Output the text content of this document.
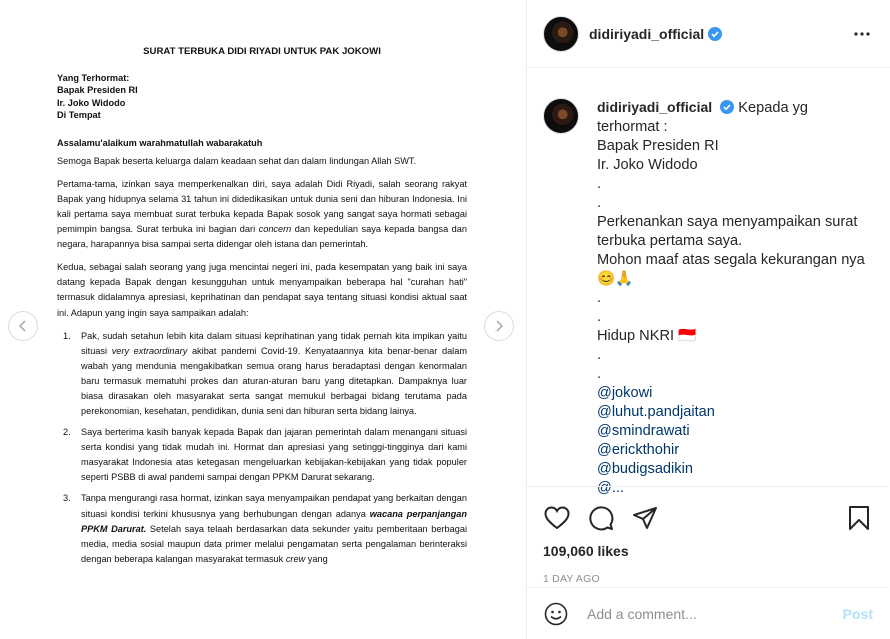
SURAT TERBUKA DIDI RIYADI UNTUK PAK JOKOWI
Yang Terhormat:
Bapak Presiden RI
Ir. Joko Widodo
Di Tempat
Assalamu'alaikum warahmatullah wabarakatuh
Semoga Bapak beserta keluarga dalam keadaan sehat dan dalam lindungan Allah SWT.
Pertama-tama, izinkan saya memperkenalkan diri, saya adalah Didi Riyadi, salah seorang rakyat Bapak yang hidupnya selama 31 tahun ini didedikasikan untuk dunia seni dan hiburan Indonesia. Ini kali pertama saya membuat surat terbuka kepada Bapak sosok yang sangat saya hormati sebagai pemimpin bangsa. Surat terbuka ini bagian dari concern dan kepedulian saya kepada bangsa dan negara, harapannya bisa sampai serta didengar oleh istana dan pemerintah.
Kedua, sebagai salah seorang yang juga mencintai negeri ini, pada kesempatan yang baik ini saya datang kepada Bapak dengan kesungguhan untuk menyampaikan beberapa hal "curahan hati" termasuk didalamnya apresiasi, keprihatinan dan pendapat saya tentang situasi kondisi aktual saat ini. Adapun yang ingin saya sampaikan adalah:
1. Pak, sudah setahun lebih kita dalam situasi keprihatinan yang tidak pernah kita impikan yaitu situasi very extraordinary akibat pandemi Covid-19. Kenyataannya kita benar-benar dalam wabah yang mendunia mengakibatkan semua orang harus beradaptasi dengan kenormalan baru termasuk mematuhi prokes dan aturan-aturan baru yang ditetapkan. Dampaknya luar biasa dirasakan oleh masyarakat serta sangat memukul berbagai bidang terutama pada perekonomian, kesehatan, pendidikan, dunia seni dan hiburan serta bidang lainya.
2. Saya berterima kasih banyak kepada Bapak dan jajaran pemerintah dalam menangani situasi serta kondisi yang tidak mudah ini. Hormat dan apresiasi yang setinggi-tingginya dari kami masyarakat Indonesia atas ketegasan mengeluarkan kebijakan-kebijakan yang tidak populer seperti PSBB di awal pandemi sampai dengan PPKM Darurat sekarang.
3. Tanpa mengurangi rasa hormat, izinkan saya menyampaikan pendapat yang berkaitan dengan situasi kondisi terkini khususnya yang berhubungan dengan adanya wacana perpanjangan PPKM Darurat. Setelah saya telaah berdasarkan data sekunder yaitu pemberitaan berbagai media, media sosial maupun data primer melalui pengamatan serta pengalaman berinteraksi dengan beberapa kalangan masyarakat termasuk crew yang
didiriyadi_official
didiriyadi_official Kepada yg terhormat :
Bapak Presiden RI
Ir. Joko Widodo
.
.
Perkenankan saya menyampaikan surat terbuka pertama saya.
Mohon maaf atas segala kekurangan nya 😊🙏
.
.
Hidup NKRI 🇮🇩
.
.
@jokowi
@luhut.pandjaitan
@smindrawati
@erickthohir
@budigsadikin
@...
109,060 likes
1 DAY AGO
Add a comment...
Post
